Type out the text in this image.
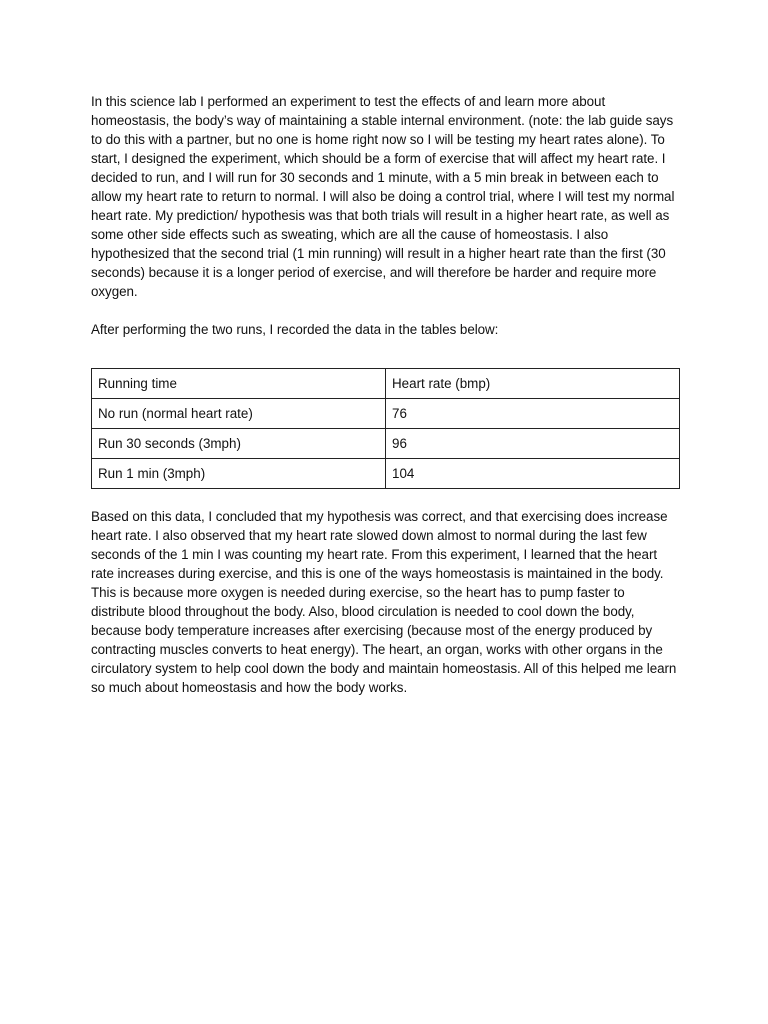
In this science lab I performed an experiment to test the effects of and learn more about homeostasis, the body’s way of maintaining a stable internal environment. (note: the lab guide says to do this with a partner, but no one is home right now so I will be testing my heart rates alone). To start, I designed the experiment, which should be a form of exercise that will affect my heart rate. I decided to run, and I will run for 30 seconds and 1 minute, with a 5 min break in between each to allow my heart rate to return to normal. I will also be doing a control trial, where I will test my normal heart rate. My prediction/ hypothesis was that both trials will result in a higher heart rate, as well as some other side effects such as sweating, which are all the cause of homeostasis. I also hypothesized that the second trial (1 min running) will result in a higher heart rate than the first (30 seconds) because it is a longer period of exercise, and will therefore be harder and require more oxygen.

After performing the two runs, I recorded the data in the tables below:

Running time	Heart rate (bmp)
No run (normal heart rate)	76
Run 30 seconds (3mph)	96
Run 1 min (3mph)	104

Based on this data, I concluded that my hypothesis was correct, and that exercising does increase heart rate. I also observed that my heart rate slowed down almost to normal during the last few seconds of the 1 min I was counting my heart rate. From this experiment, I learned that the heart rate increases during exercise, and this is one of the ways homeostasis is maintained in the body. This is because more oxygen is needed during exercise, so the heart has to pump faster to distribute blood throughout the body. Also, blood circulation is needed to cool down the body, because body temperature increases after exercising (because most of the energy produced by contracting muscles converts to heat energy). The heart, an organ, works with other organs in the circulatory system to help cool down the body and maintain homeostasis. All of this helped me learn so much about homeostasis and how the body works.
